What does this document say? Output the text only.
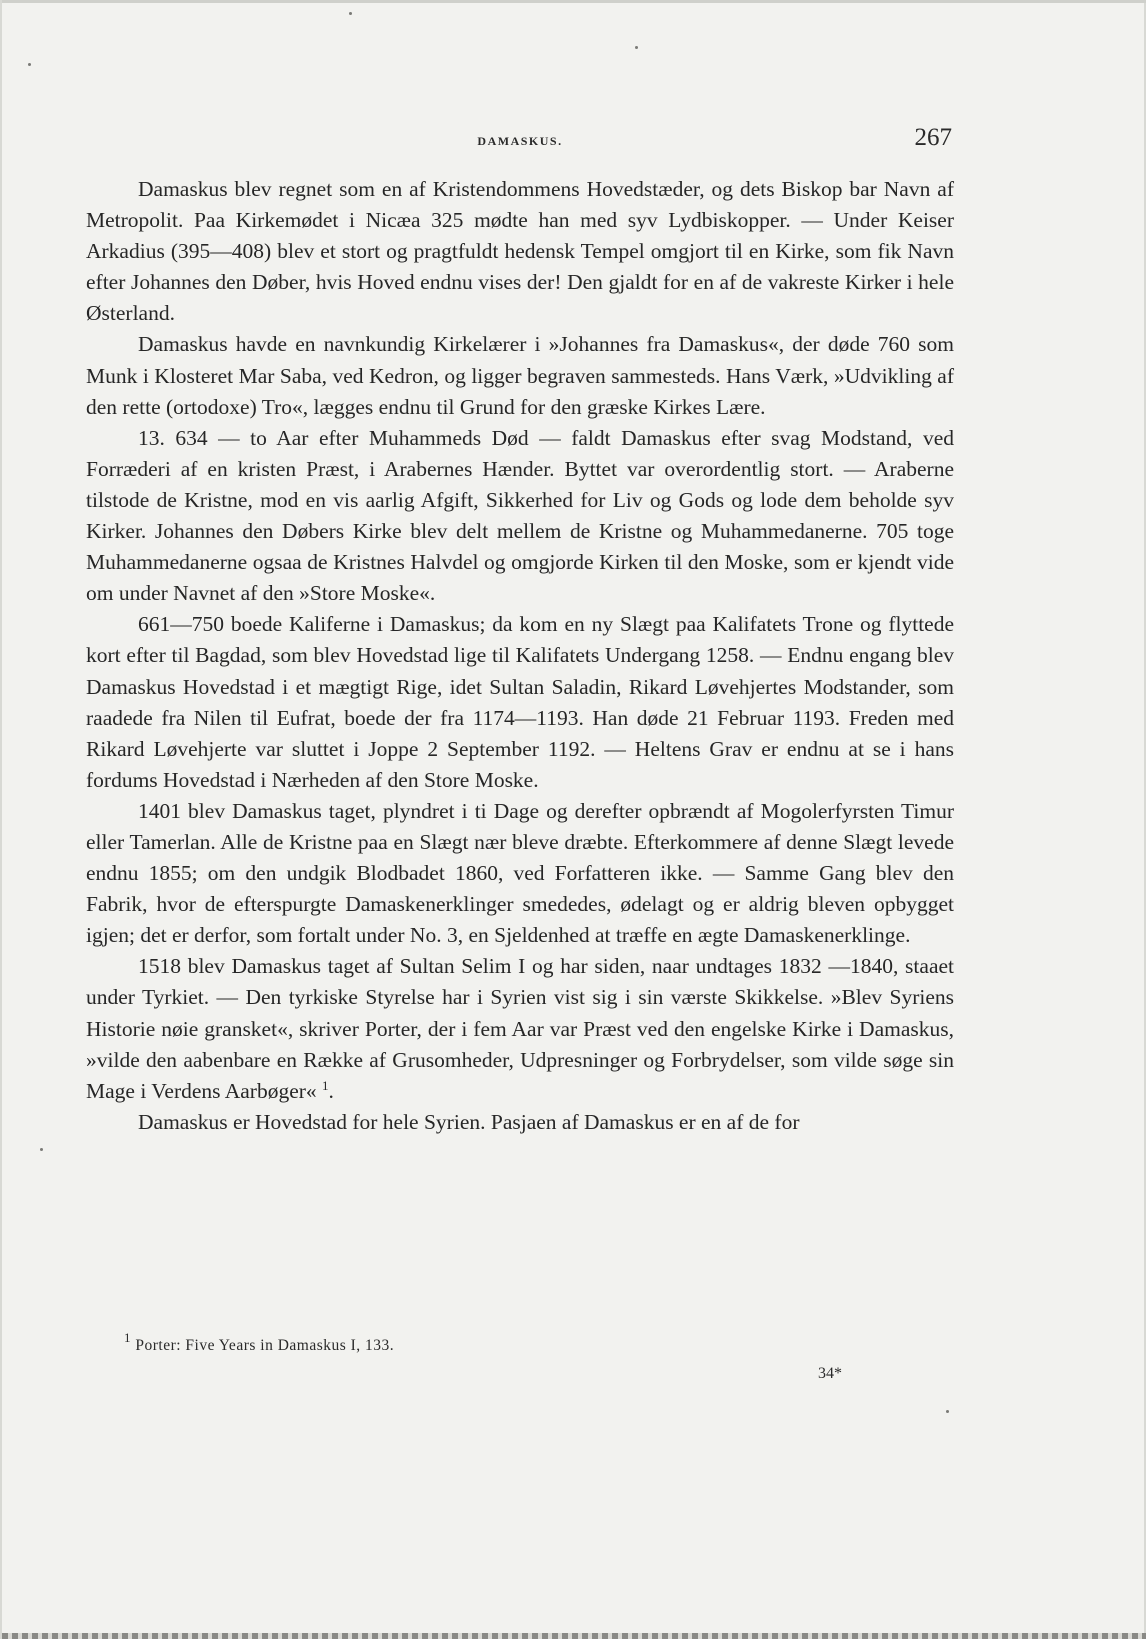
DAMASKUS.	267

Damaskus blev regnet som en af Kristendommens Hovedstæder, og dets Biskop bar Navn af Metropolit. Paa Kirkemødet i Nicæa 325 mødte han med syv Lydbiskopper. — Under Keiser Arkadius (395—408) blev et stort og pragtfuldt hedensk Tempel omgjort til en Kirke, som fik Navn efter Johannes den Døber, hvis Hoved endnu vises der! Den gjaldt for en af de vakreste Kirker i hele Østerland.

Damaskus havde en navnkundig Kirkelærer i »Johannes fra Damaskus«, der døde 760 som Munk i Klosteret Mar Saba, ved Kedron, og ligger begraven sammesteds. Hans Værk, »Udvikling af den rette (ortodoxe) Tro«, lægges endnu til Grund for den græske Kirkes Lære.

13. 634 — to Aar efter Muhammeds Død — faldt Damaskus efter svag Modstand, ved Forræderi af en kristen Præst, i Arabernes Hænder. Byttet var overordentlig stort. — Araberne tilstode de Kristne, mod en vis aarlig Afgift, Sikkerhed for Liv og Gods og lode dem beholde syv Kirker. Johannes den Døbers Kirke blev delt mellem de Kristne og Muhammedanerne. 705 toge Muhammedanerne ogsaa de Kristnes Halvdel og omgjorde Kirken til den Moske, som er kjendt vide om under Navnet af den »Store Moske«.

661—750 boede Kaliferne i Damaskus; da kom en ny Slægt paa Kalifatets Trone og flyttede kort efter til Bagdad, som blev Hovedstad lige til Kalifatets Undergang 1258. — Endnu engang blev Damaskus Hovedstad i et mægtigt Rige, idet Sultan Saladin, Rikard Løvehjertes Modstander, som raadede fra Nilen til Eufrat, boede der fra 1174—1193. Han døde 21 Februar 1193. Freden med Rikard Løvehjerte var sluttet i Joppe 2 September 1192. — Heltens Grav er endnu at se i hans fordums Hovedstad i Nærheden af den Store Moske.

1401 blev Damaskus taget, plyndret i ti Dage og derefter opbrændt af Mogolerfyrsten Timur eller Tamerlan. Alle de Kristne paa en Slægt nær bleve dræbte. Efterkommere af denne Slægt levede endnu 1855; om den undgik Blodbadet 1860, ved Forfatteren ikke. — Samme Gang blev den Fabrik, hvor de efterspurgte Damaskenerklinger smededes, ødelagt og er aldrig bleven opbygget igjen; det er derfor, som fortalt under No. 3, en Sjeldenhed at træffe en ægte Damaskenerklinge.

1518 blev Damaskus taget af Sultan Selim I og har siden, naar undtages 1832 —1840, staaet under Tyrkiet. — Den tyrkiske Styrelse har i Syrien vist sig i sin værste Skikkelse. »Blev Syriens Historie nøie gransket«, skriver Porter, der i fem Aar var Præst ved den engelske Kirke i Damaskus, »vilde den aabenbare en Række af Grusomheder, Udpresninger og Forbrydelser, som vilde søge sin Mage i Verdens Aarbøger« $^1$.

Damaskus er Hovedstad for hele Syrien. Pasjaen af Damaskus er en af de for

$^1$ Porter: Five Years in Damaskus I, 133.
34*
